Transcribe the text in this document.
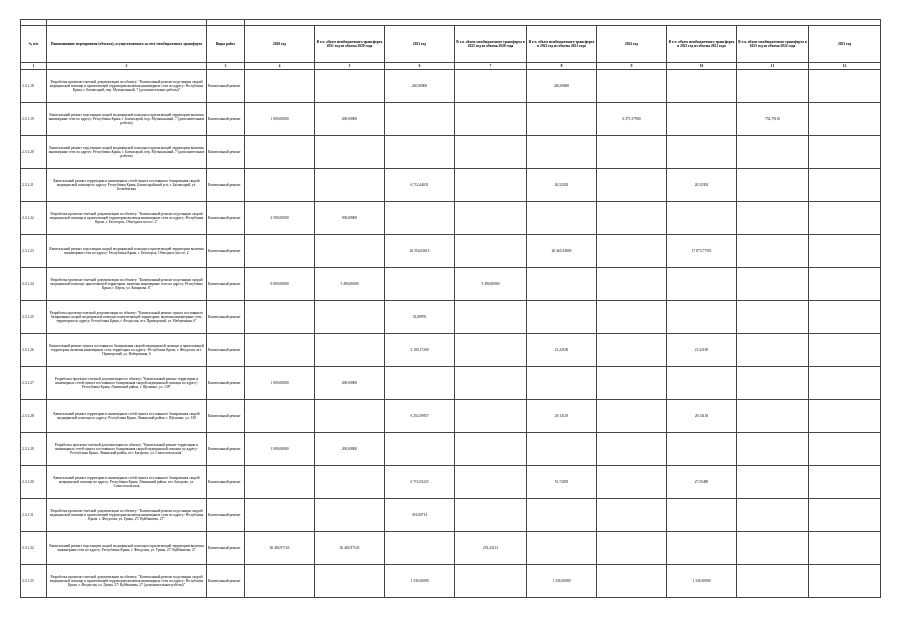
№ п/п	Наименование мероприятия (объекта), осуществляемого за счет межбюджетного трансферта	Виды работ	2020 год	В т.ч. объем межбюджетного трансферта 2021 год из объема 2020 года	2021 год	В т.ч. объем межбюджетного трансферта в 2022 год из объема 2020 года	В т.ч. объем межбюджетного трансферта в 2022 год из объема 2021 года	2022 год	В т.ч. объем межбюджетного трансферта в 2023 год из объема 2021 года	В т.ч. объем межбюджетного трансферта в 2023 год из объема 2022 года	2023 год
1	2	3	4	5	6	7	8	9	10	11	12
2.3.1.18	Разработка проектно-сметной документации по объекту: "Капитальный ремонт подстанции скорой медицинской помощи и прилегающей территории включая инженерные сети по адресу: Республика Крым, г. Бахчисарай, пер. Музыкальный, 7 (дополнительные работы)"	Капитальный ремонт			240,00000		240,00000				
2.3.1.19	Капитальный ремонт подстанции скорой медицинской помощи и прилегающей территории включая инженерные сети по адресу: Республика Крым, г. Бахчисарай, пер. Музыкальный, 7 (дополнительные работы)	Капитальный ремонт	1 000,00000	200,00000				6 371,57900		754,79110	
2.3.1.20	Капитальный ремонт подстанции скорой медицинской помощи и прилегающей территории включая инженерные сети по адресу: Республика Крым, г. Бахчисарай, пер. Музыкальный, 7 (дополнительные работы)	Капитальный ремонт									
2.3.1.21	Капитальный ремонт территории и инженерных сетей пункта постоянного базирования скорой медицинской помощи по адресу: Республика Крым, Бахчисарайский р-н, г. Бахчисарай, ул. Бельбекская	Капитальный ремонт			6 712,44031		20,52392		20,52392		
2.3.1.22	Разработка проектно-сметной документации по объекту: "Капитальный ремонт подстанции скорой медицинской помощи и прилегающей территории включая инженерные сети по адресу: Республика Крым, г. Белогорск, Объездное шоссе, 2"	Капитальный ремонт	2 500,00000	500,00000							
2.3.1.23	Капитальный ремонт подстанции скорой медицинской помощи и прилегающей территории включая инженерные сети по адресу: Республика Крым, г. Белогорск, Объездное шоссе, 2	Капитальный ремонт			26 554,63613		26 465,54000		17 873,77591		
2.3.1.24	Разработка проектно-сметной документации по объекту: "Капитальный ремонт подстанции скорой медицинской помощи, прилегающей территории, включая инженерные сети по адресу: Республика Крым, г. Керчь, ул. Комарова, 6"	Капитальный ремонт	9 000,00000	5 490,00000		5 490,00000					
2.3.1.25	Разработка проектно-сметной документации по объекту: "Капитальный ремонт пункта постоянного базирования скорой медицинской помощи и прилегающей территории, включая инженерные сети, территория по адресу: Республика Крым, г. Феодосия, пгт. Приморский, ул. Набережная, 6"	Капитальный ремонт			33,08976						
2.3.1.26	Капитальный ремонт пункта постоянного базирования скорой медицинской помощи и прилегающей территории, включая инженерные сети, территория по адресу: Республика Крым, г. Феодосия, пгт. Приморский, ул. Набережная, 6	Капитальный ремонт			2 100,17200		21,22100		21,22100		
2.3.1.27	Разработка проектно-сметной документации по объекту: "Капитальный ремонт территории и инженерных сетей пункта постоянного базирования скорой медицинской помощи по адресу: Республика Крым, Ленинский район, г. Щелкино, ул. 138"	Капитальный ремонт	1 000,00000	200,00000							
2.3.1.28	Капитальный ремонт территории и инженерных сетей пункта постоянного базирования скорой медицинской помощи по адресу: Республика Крым, Ленинский район, г. Щелкино, ул. 138	Капитальный ремонт			6 254,39957		29,14118		29,14118		
2.3.1.29	Разработка проектно-сметной документации по объекту: "Капитальный ремонт территории и инженерных сетей пункта постоянного базирования скорой медицинской помощи по адресу: Республика Крым, Ленинский район, пгт. Багерово, ул. Севастопольская"	Капитальный ремонт	1 000,00000	200,00000							
2.3.1.30	Капитальный ремонт территории и инженерных сетей пункта постоянного базирования скорой медицинской помощи по адресу: Республика Крым, Ленинский район, пгт. Багерово, ул. Севастопольская	Капитальный ремонт			6 715,55225		51,74505		27,55489		
2.3.1.31	Разработка проектно-сметной документации по объекту: "Капитальный ремонт подстанции скорой медицинской помощи и прилегающей территории включая инженерные сети по адресу: Республика Крым, г. Феодосия, ул. Грина, 27/ Куйбышева, 27"	Капитальный ремонт			391,60714						
2.3.1.32	Капитальный ремонт подстанции скорой медицинской помощи и прилегающей территории включая инженерные сети по адресу: Республика Крым, г. Феодосия, ул. Грина, 27/ Куйбышева, 27	Капитальный ремонт	26 482,97143	26 482,97143		253,34112					
2.3.1.33	Разработка проектно-сметной документации по объекту: "Капитальный ремонт подстанции скорой медицинской помощи и прилегающей территории включая инженерные сети по адресу: Республика Крым, г. Феодосия, ул. Грина, 27/ Куйбышева, 27 (дополнительные работы)"	Капитальный ремонт			1 336,50000		1 336,50000		1 336,50000		
